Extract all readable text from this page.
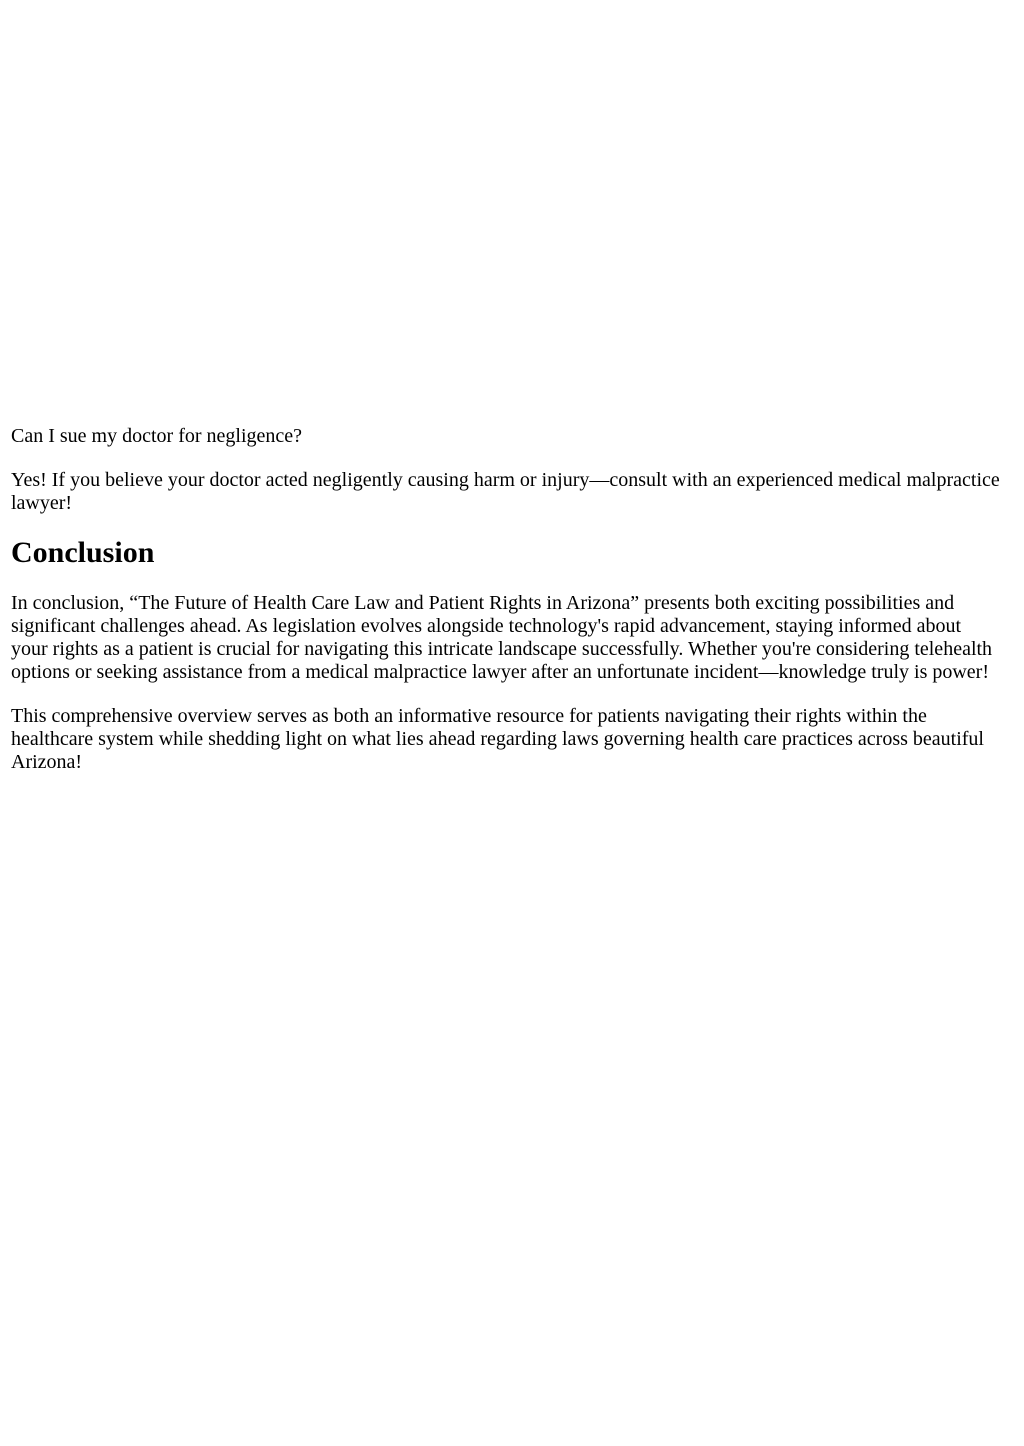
Can I sue my doctor for negligence?

Yes! If you believe your doctor acted negligently causing harm or injury—consult with an experienced medical malpractice lawyer!

Conclusion

In conclusion, “The Future of Health Care Law and Patient Rights in Arizona” presents both exciting possibilities and significant challenges ahead. As legislation evolves alongside technology's rapid advancement, staying informed about your rights as a patient is crucial for navigating this intricate landscape successfully. Whether you're considering telehealth options or seeking assistance from a medical malpractice lawyer after an unfortunate incident—knowledge truly is power!

This comprehensive overview serves as both an informative resource for patients navigating their rights within the healthcare system while shedding light on what lies ahead regarding laws governing health care practices across beautiful Arizona!
